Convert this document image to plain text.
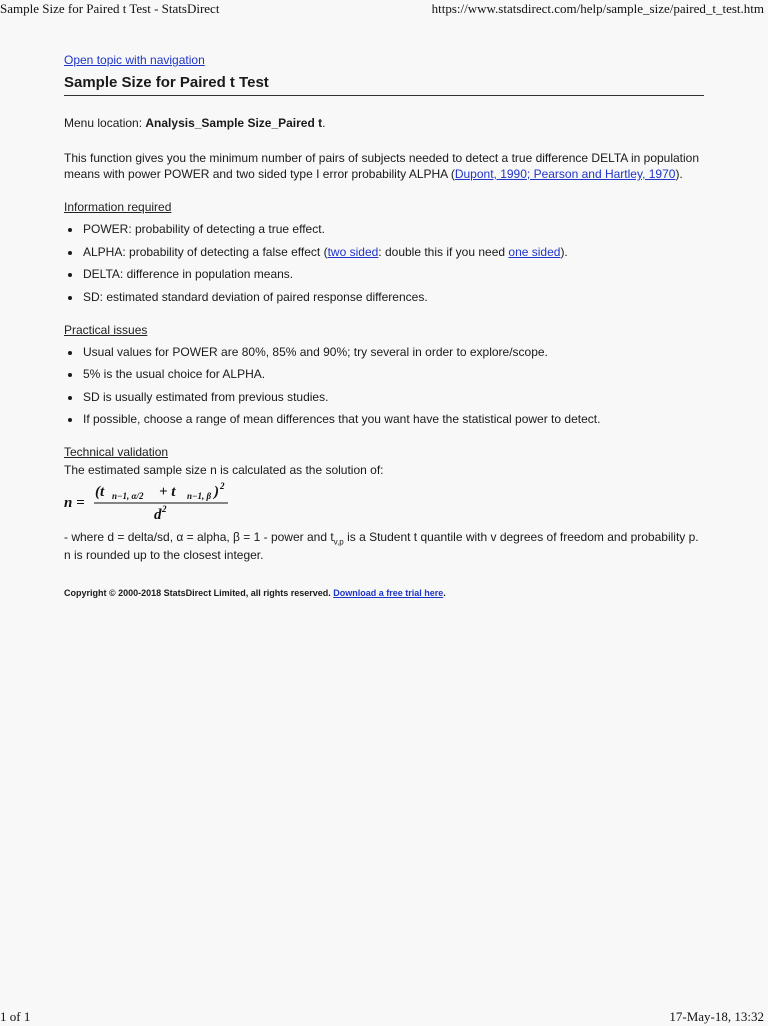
Sample Size for Paired t Test - StatsDirect	https://www.statsdirect.com/help/sample_size/paired_t_test.htm
Open topic with navigation
Sample Size for Paired t Test

Menu location: Analysis_Sample Size_Paired t.

This function gives you the minimum number of pairs of subjects needed to detect a true difference DELTA in population means with power POWER and two sided type I error probability ALPHA (Dupont, 1990; Pearson and Hartley, 1970).

Information required

• POWER: probability of detecting a true effect.
• ALPHA: probability of detecting a false effect (two sided: double this if you need one sided).
• DELTA: difference in population means.
• SD: estimated standard deviation of paired response differences.

Practical issues

• Usual values for POWER are 80%, 85% and 90%; try several in order to explore/scope.
• 5% is the usual choice for ALPHA.
• SD is usually estimated from previous studies.
• If possible, choose a range of mean differences that you want have the statistical power to detect.

Technical validation

The estimated sample size n is calculated as the solution of:

n =
(t n−1, α/2 + t n−1, β ) 2
d 2

- where d = delta/sd, α = alpha, β = 1 - power and $t_{v,p}$ is a Student t quantile with v degrees of freedom and probability p. n is rounded up to the closest integer.

Copyright © 2000-2018 StatsDirect Limited, all rights reserved. Download a free trial here.

1 of 1	17-May-18, 13:32
